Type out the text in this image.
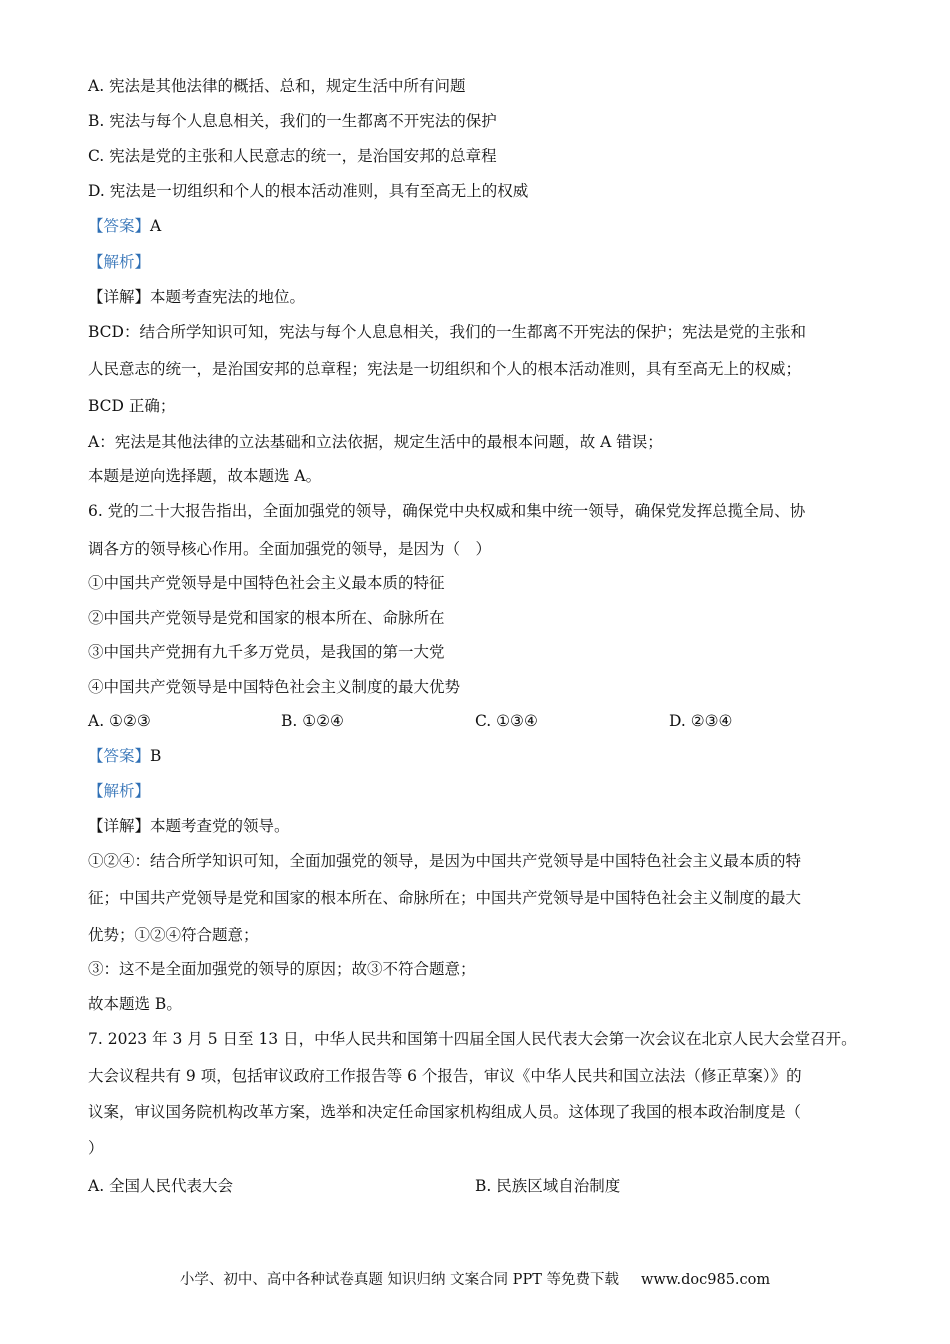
A. 宪法是其他法律的概括、总和，规定生活中所有问题
B. 宪法与每个人息息相关，我们的一生都离不开宪法的保护
C. 宪法是党的主张和人民意志的统一，是治国安邦的总章程
D. 宪法是一切组织和个人的根本活动准则，具有至高无上的权威
【答案】A
【解析】
【详解】本题考查宪法的地位。
BCD：结合所学知识可知，宪法与每个人息息相关，我们的一生都离不开宪法的保护；宪法是党的主张和
人民意志的统一，是治国安邦的总章程；宪法是一切组织和个人的根本活动准则，具有至高无上的权威；
BCD 正确；
A：宪法是其他法律的立法基础和立法依据，规定生活中的最根本问题，故 A 错误；
本题是逆向选择题，故本题选 A。
6. 党的二十大报告指出，全面加强党的领导，确保党中央权威和集中统一领导，确保党发挥总揽全局、协
调各方的领导核心作用。全面加强党的领导，是因为（　）
①中国共产党领导是中国特色社会主义最本质的特征
②中国共产党领导是党和国家的根本所在、命脉所在
③中国共产党拥有九千多万党员，是我国的第一大党
④中国共产党领导是中国特色社会主义制度的最大优势
A. ①②③	B. ①②④	C. ①③④	D. ②③④
【答案】B
【解析】
【详解】本题考查党的领导。
①②④：结合所学知识可知，全面加强党的领导，是因为中国共产党领导是中国特色社会主义最本质的特
征；中国共产党领导是党和国家的根本所在、命脉所在；中国共产党领导是中国特色社会主义制度的最大
优势；①②④符合题意；
③：这不是全面加强党的领导的原因；故③不符合题意；
故本题选 B。
7. 2023 年 3 月 5 日至 13 日，中华人民共和国第十四届全国人民代表大会第一次会议在北京人民大会堂召开。
大会议程共有 9 项，包括审议政府工作报告等 6 个报告，审议《中华人民共和国立法法（修正草案）》的
议案，审议国务院机构改革方案，选举和决定任命国家机构组成人员。这体现了我国的根本政治制度是（
）
A. 全国人民代表大会	B. 民族区域自治制度
小学、初中、高中各种试卷真题 知识归纳 文案合同 PPT 等免费下载 www.doc985.com
